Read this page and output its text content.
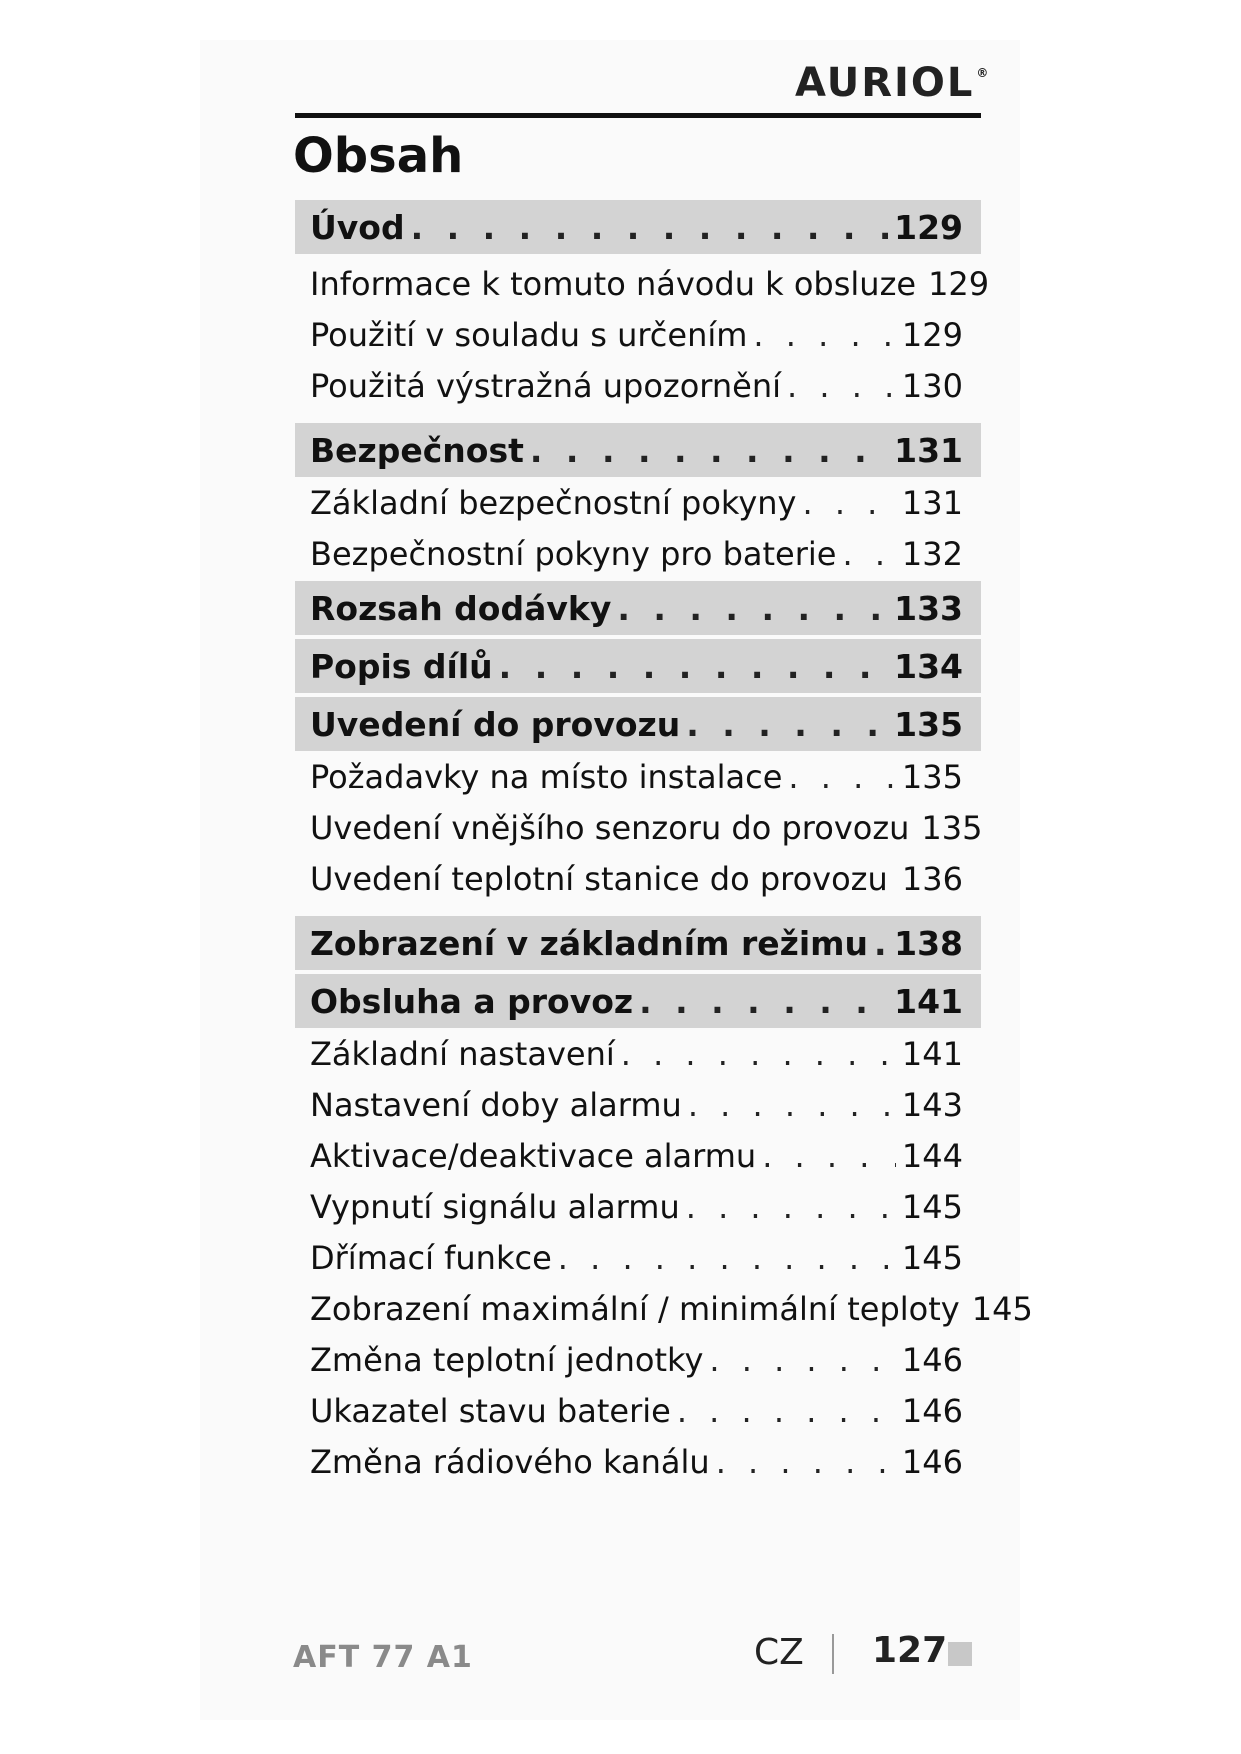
AURIOL ®
Obsah
Úvod . . .	129
Informace k tomuto návodu k obsluze 129
Použití v souladu s určením . . .	129
Použitá výstražná upozornění . . .	130
Bezpečnost . . .	131
Základní bezpečnostní pokyny . . .	131
Bezpečnostní pokyny pro baterie . . . 132
Rozsah dodávky . . .	133
Popis dílů . . .	134
Uvedení do provozu . . .	135
Požadavky na místo instalace . . .	135
Uvedení vnějšího senzoru do provozu 135
Uvedení teplotní stanice do provozu . . . 136
Zobrazení v základním režimu . . . 138
Obsluha a provoz . . .	141
Základní nastavení . . .	141
Nastavení doby alarmu . . .	143
Aktivace/deaktivace alarmu . . .	144
Vypnutí signálu alarmu . . .	145
Dřímací funkce . . .	145
Zobrazení maximální / minimální teploty 145
Změna teplotní jednotky . . .	146
Ukazatel stavu baterie . . .	146
Změna rádiového kanálu . . .	146
AFT 77 A1	CZ 127
